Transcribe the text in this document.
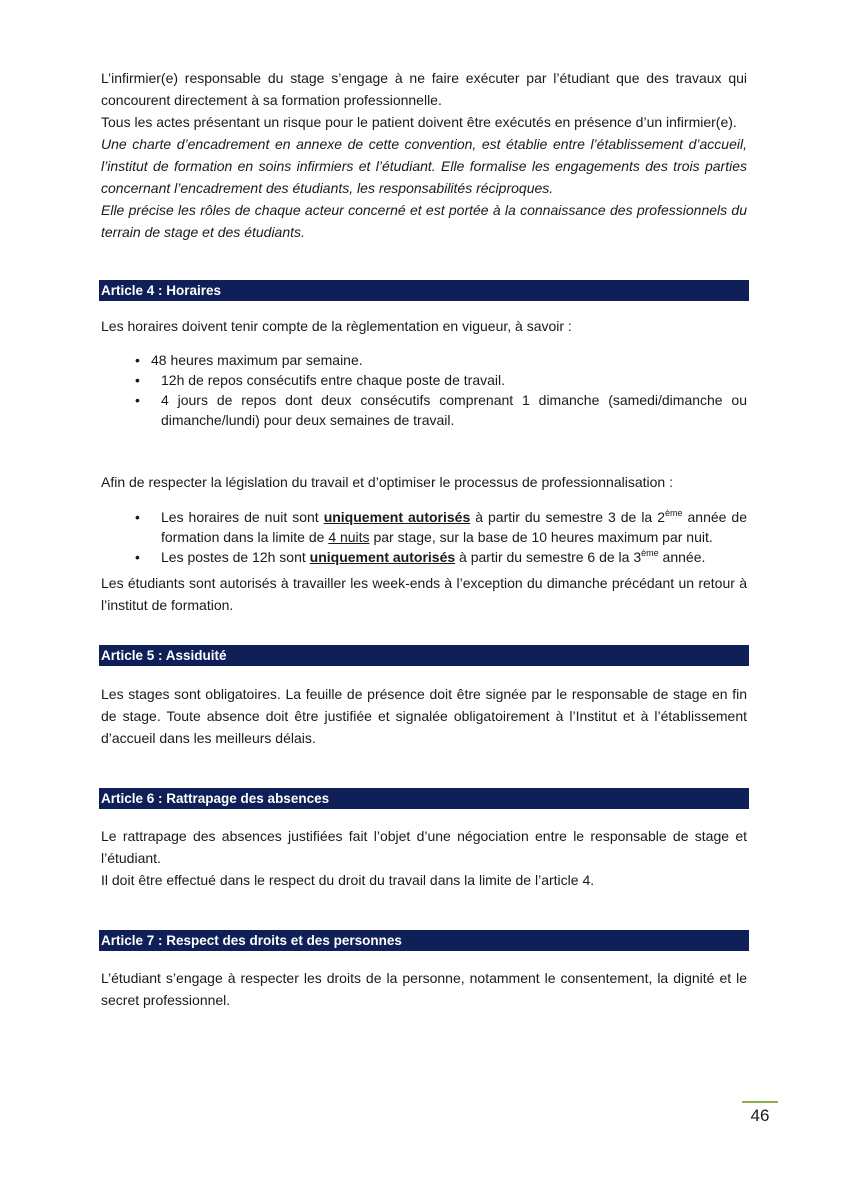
L’infirmier(e) responsable du stage s’engage à ne faire exécuter par l’étudiant que des travaux qui concourent directement à sa formation professionnelle.

Tous les actes présentant un risque pour le patient doivent être exécutés en présence d’un infirmier(e).

Une charte d’encadrement en annexe de cette convention, est établie entre l’établissement d’accueil, l’institut de formation en soins infirmiers et l’étudiant. Elle formalise les engagements des trois parties concernant l’encadrement des étudiants, les responsabilités réciproques.

Elle précise les rôles de chaque acteur concerné et est portée à la connaissance des professionnels du terrain de stage et des étudiants.

Article 4 : Horaires

Les horaires doivent tenir compte de la règlementation en vigueur, à savoir :

• 48 heures maximum par semaine.
•	12h de repos consécutifs entre chaque poste de travail.
•	4 jours de repos dont deux consécutifs comprenant 1 dimanche (samedi/dimanche ou dimanche/lundi) pour deux semaines de travail.

Afin de respecter la législation du travail et d’optimiser le processus de professionnalisation :

•	Les horaires de nuit sont uniquement autorisés à partir du semestre 3 de la 2ème année de formation dans la limite de 4 nuits par stage, sur la base de 10 heures maximum par nuit.
•	Les postes de 12h sont uniquement autorisés à partir du semestre 6 de la 3ème année.

Les étudiants sont autorisés à travailler les week-ends à l’exception du dimanche précédant un retour à l’institut de formation.

Article 5 : Assiduité

Les stages sont obligatoires. La feuille de présence doit être signée par le responsable de stage en fin de stage. Toute absence doit être justifiée et signalée obligatoirement à l’Institut et à l’établissement d’accueil dans les meilleurs délais.

Article 6 : Rattrapage des absences

Le rattrapage des absences justifiées fait l’objet d’une négociation entre le responsable de stage et l’étudiant.

Il doit être effectué dans le respect du droit du travail dans la limite de l’article 4.

Article 7 : Respect des droits et des personnes

L’étudiant s’engage à respecter les droits de la personne, notamment le consentement, la dignité et le secret professionnel.

46
